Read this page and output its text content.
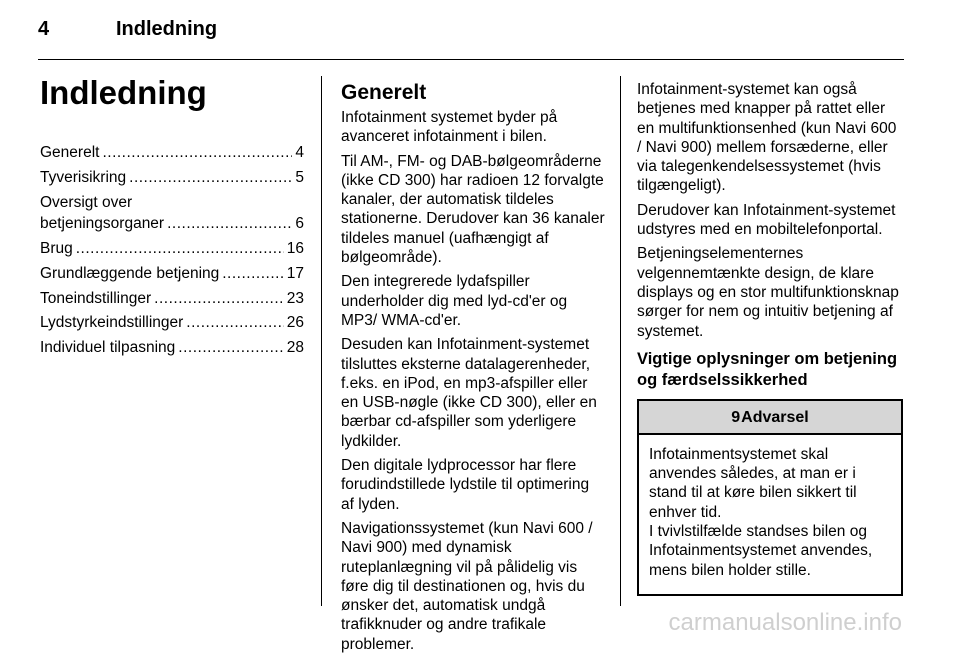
4	Indledning
Indledning
Generelt .....	4
Tyverisikring .....	5
Oversigt over
betjeningsorganer .....	6
Brug .....	16
Grundlæggende betjening .....	17
Toneindstillinger .....	23
Lydstyrkeindstillinger .....	26
Individuel tilpasning .....	28
Generelt

Infotainment systemet byder på avanceret infotainment i bilen.

Til AM-, FM- og DAB-bølgeområderne (ikke CD 300) har radioen 12 forvalgte kanaler, der automatisk tildeles stationerne. Derudover kan 36 kanaler tildeles manuel (uafhængigt af bølgeområde).

Den integrerede lydafspiller underholder dig med lyd-cd'er og MP3/ WMA-cd'er.

Desuden kan Infotainment-systemet tilsluttes eksterne datalagerenheder, f.eks. en iPod, en mp3-afspiller eller en USB-nøgle (ikke CD 300), eller en bærbar cd-afspiller som yderligere lydkilder.

Den digitale lydprocessor har flere forudindstillede lydstile til optimering af lyden.

Navigationssystemet (kun Navi 600 / Navi 900) med dynamisk ruteplanlægning vil på pålidelig vis føre dig til destinationen og, hvis du ønsker det, automatisk undgå trafikknuder og andre trafikale problemer.

Infotainment-systemet kan også betjenes med knapper på rattet eller en multifunktionsenhed (kun Navi 600 / Navi 900) mellem forsæderne, eller via talegenkendelsessystemet (hvis tilgængeligt).

Derudover kan Infotainment-systemet udstyres med en mobiltelefonportal.

Betjeningselementernes velgennemtænkte design, de klare displays og en stor multifunktionsknap sørger for nem og intuitiv betjening af systemet.

Vigtige oplysninger om betjening og færdselssikkerhed
9Advarsel
Infotainmentsystemet skal anvendes således, at man er i stand til at køre bilen sikkert til enhver tid.
I tvivlstilfælde standses bilen og Infotainmentsystemet anvendes, mens bilen holder stille.
carmanualsonline.info
